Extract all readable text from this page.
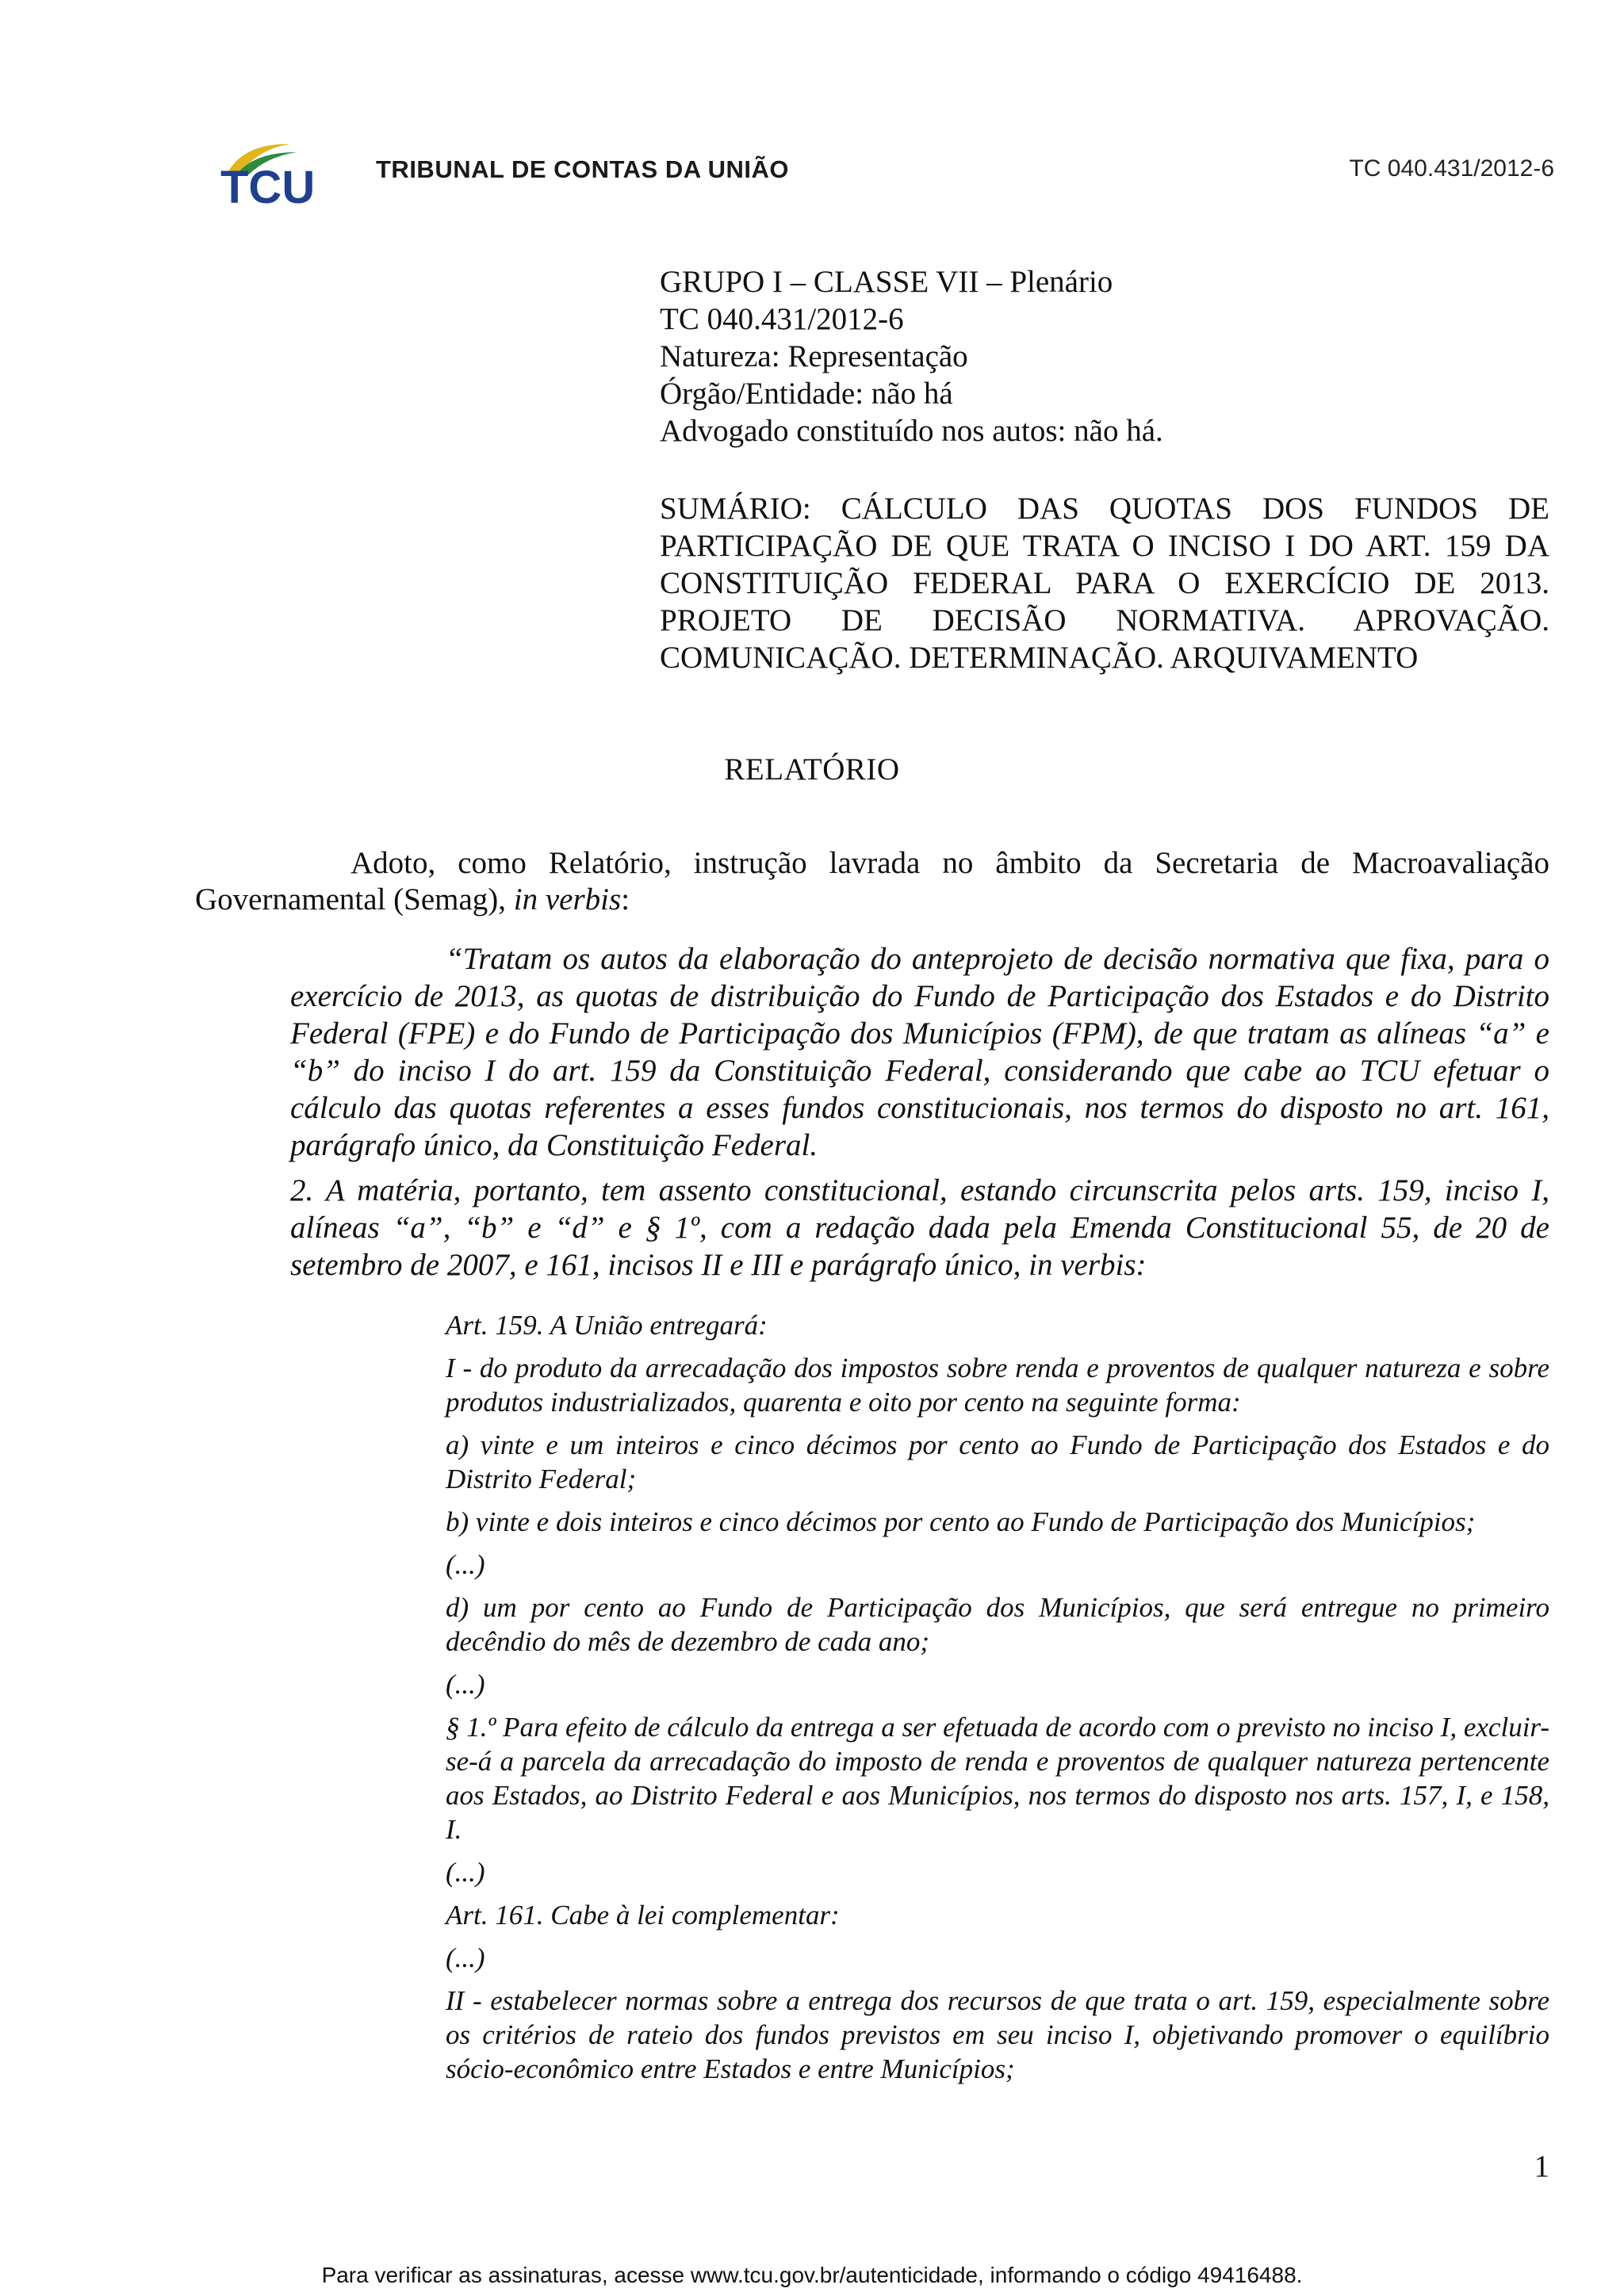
TCU TRIBUNAL DE CONTAS DA UNIÃO	TC 040.431/2012-6
GRUPO I – CLASSE VII – Plenário
TC 040.431/2012-6
Natureza: Representação
Órgão/Entidade: não há
Advogado constituído nos autos: não há.
SUMÁRIO: CÁLCULO DAS QUOTAS DOS FUNDOS DE PARTICIPAÇÃO DE QUE TRATA O INCISO I DO ART. 159 DA CONSTITUIÇÃO FEDERAL PARA O EXERCÍCIO DE 2013. PROJETO DE DECISÃO NORMATIVA. APROVAÇÃO. COMUNICAÇÃO. DETERMINAÇÃO. ARQUIVAMENTO
RELATÓRIO
Adoto, como Relatório, instrução lavrada no âmbito da Secretaria de Macroavaliação Governamental (Semag), in verbis:

“Tratam os autos da elaboração do anteprojeto de decisão normativa que fixa, para o exercício de 2013, as quotas de distribuição do Fundo de Participação dos Estados e do Distrito Federal (FPE) e do Fundo de Participação dos Municípios (FPM), de que tratam as alíneas “a” e “b” do inciso I do art. 159 da Constituição Federal, considerando que cabe ao TCU efetuar o cálculo das quotas referentes a esses fundos constitucionais, nos termos do disposto no art. 161, parágrafo único, da Constituição Federal.

2. A matéria, portanto, tem assento constitucional, estando circunscrita pelos arts. 159, inciso I, alíneas “a”, “b” e “d” e § 1º, com a redação dada pela Emenda Constitucional 55, de 20 de setembro de 2007, e 161, incisos II e III e parágrafo único, in verbis:

Art. 159. A União entregará:

I - do produto da arrecadação dos impostos sobre renda e proventos de qualquer natureza e sobre produtos industrializados, quarenta e oito por cento na seguinte forma:

a) vinte e um inteiros e cinco décimos por cento ao Fundo de Participação dos Estados e do Distrito Federal;

b) vinte e dois inteiros e cinco décimos por cento ao Fundo de Participação dos Municípios;

(...)

d) um por cento ao Fundo de Participação dos Municípios, que será entregue no primeiro decêndio do mês de dezembro de cada ano;

(...)

§ 1.º Para efeito de cálculo da entrega a ser efetuada de acordo com o previsto no inciso I, excluir-se-á a parcela da arrecadação do imposto de renda e proventos de qualquer natureza pertencente aos Estados, ao Distrito Federal e aos Municípios, nos termos do disposto nos arts. 157, I, e 158, I.

(...)

Art. 161. Cabe à lei complementar:

(...)

II - estabelecer normas sobre a entrega dos recursos de que trata o art. 159, especialmente sobre os critérios de rateio dos fundos previstos em seu inciso I, objetivando promover o equilíbrio sócio-econômico entre Estados e entre Municípios;

1
Para verificar as assinaturas, acesse www.tcu.gov.br/autenticidade, informando o código 49416488.
